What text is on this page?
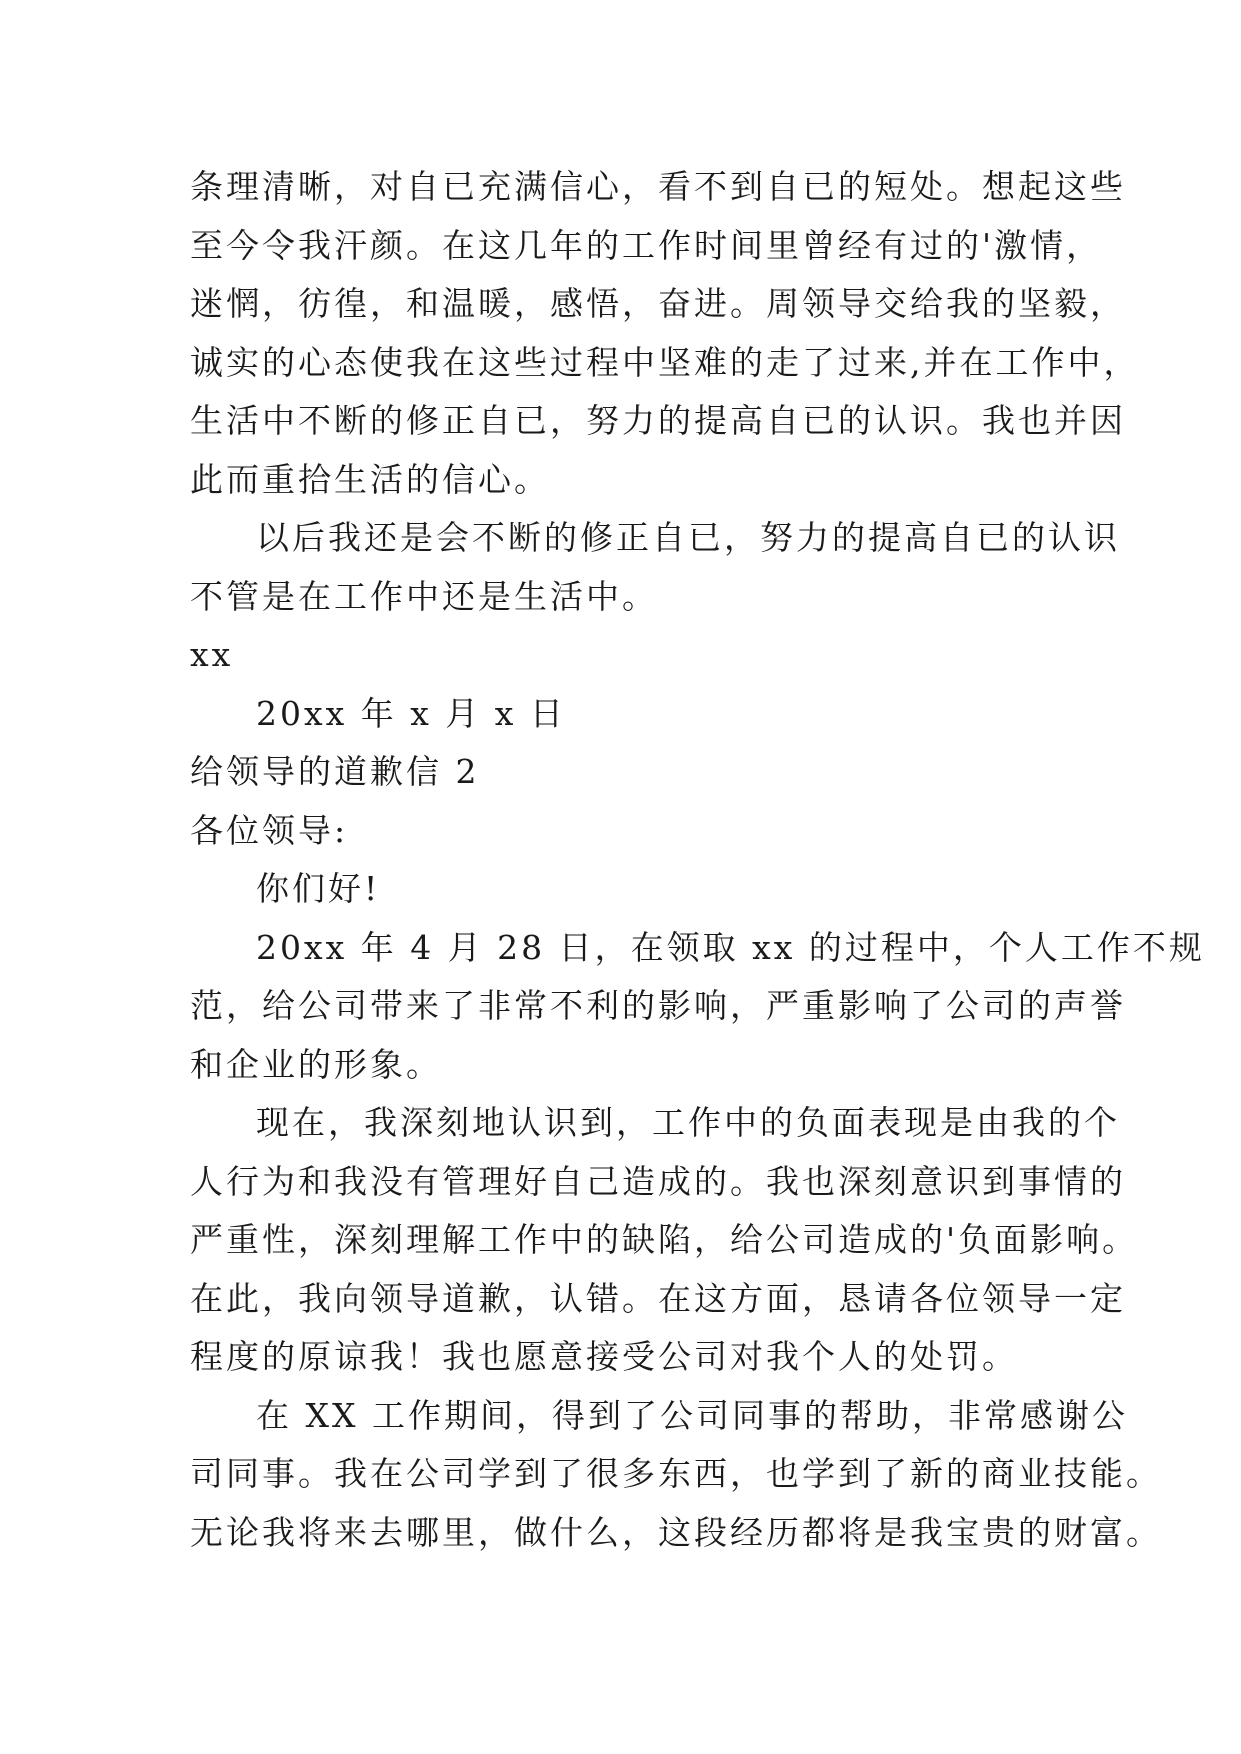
条理清晰，对自已充满信心，看不到自已的短处。想起这些
至今令我汗颜。在这几年的工作时间里曾经有过的'激情，
迷惘，彷徨，和温暖，感悟，奋进。周领导交给我的坚毅，
诚实的心态使我在这些过程中坚难的走了过来,并在工作中，
生活中不断的修正自已，努力的提高自已的认识。我也并因
此而重拾生活的信心。
以后我还是会不断的修正自已，努力的提高自已的认识
不管是在工作中还是生活中。
xx
20xx 年 x 月 x 日
给领导的道歉信 2
各位领导:
你们好!
20xx 年 4 月 28 日，在领取 xx 的过程中，个人工作不规
范，给公司带来了非常不利的影响，严重影响了公司的声誉
和企业的形象。
现在，我深刻地认识到，工作中的负面表现是由我的个
人行为和我没有管理好自己造成的。我也深刻意识到事情的
严重性，深刻理解工作中的缺陷，给公司造成的'负面影响。
在此，我向领导道歉，认错。在这方面，恳请各位领导一定
程度的原谅我！我也愿意接受公司对我个人的处罚。
在 XX 工作期间，得到了公司同事的帮助，非常感谢公
司同事。我在公司学到了很多东西，也学到了新的商业技能。
无论我将来去哪里，做什么，这段经历都将是我宝贵的财富。
